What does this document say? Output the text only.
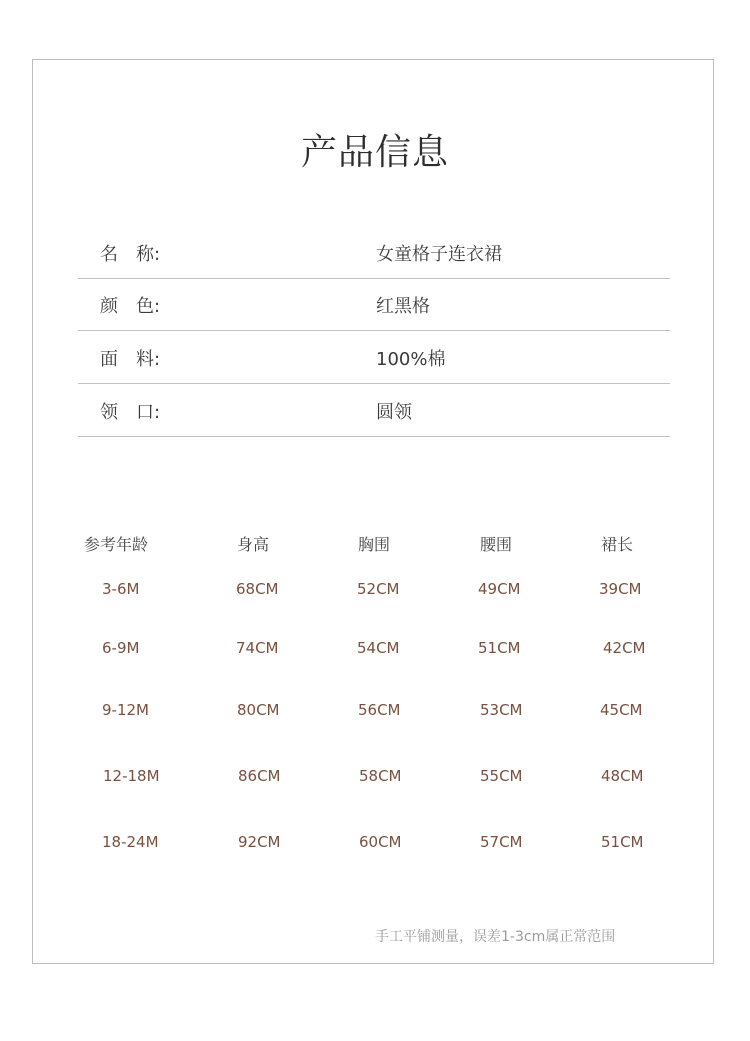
产品信息
名　称:	女童格子连衣裙
颜　色:	红黑格
面　料:	100%棉
领　口:	圆领
参考年龄	身高	胸围	腰围	裙长
3-6M	68CM	52CM	49CM	39CM
6-9M	74CM	54CM	51CM	42CM
9-12M	80CM	56CM	53CM	45CM
12-18M	86CM	58CM	55CM	48CM
18-24M	92CM	60CM	57CM	51CM
手工平铺测量，误差1-3cm属正常范围
